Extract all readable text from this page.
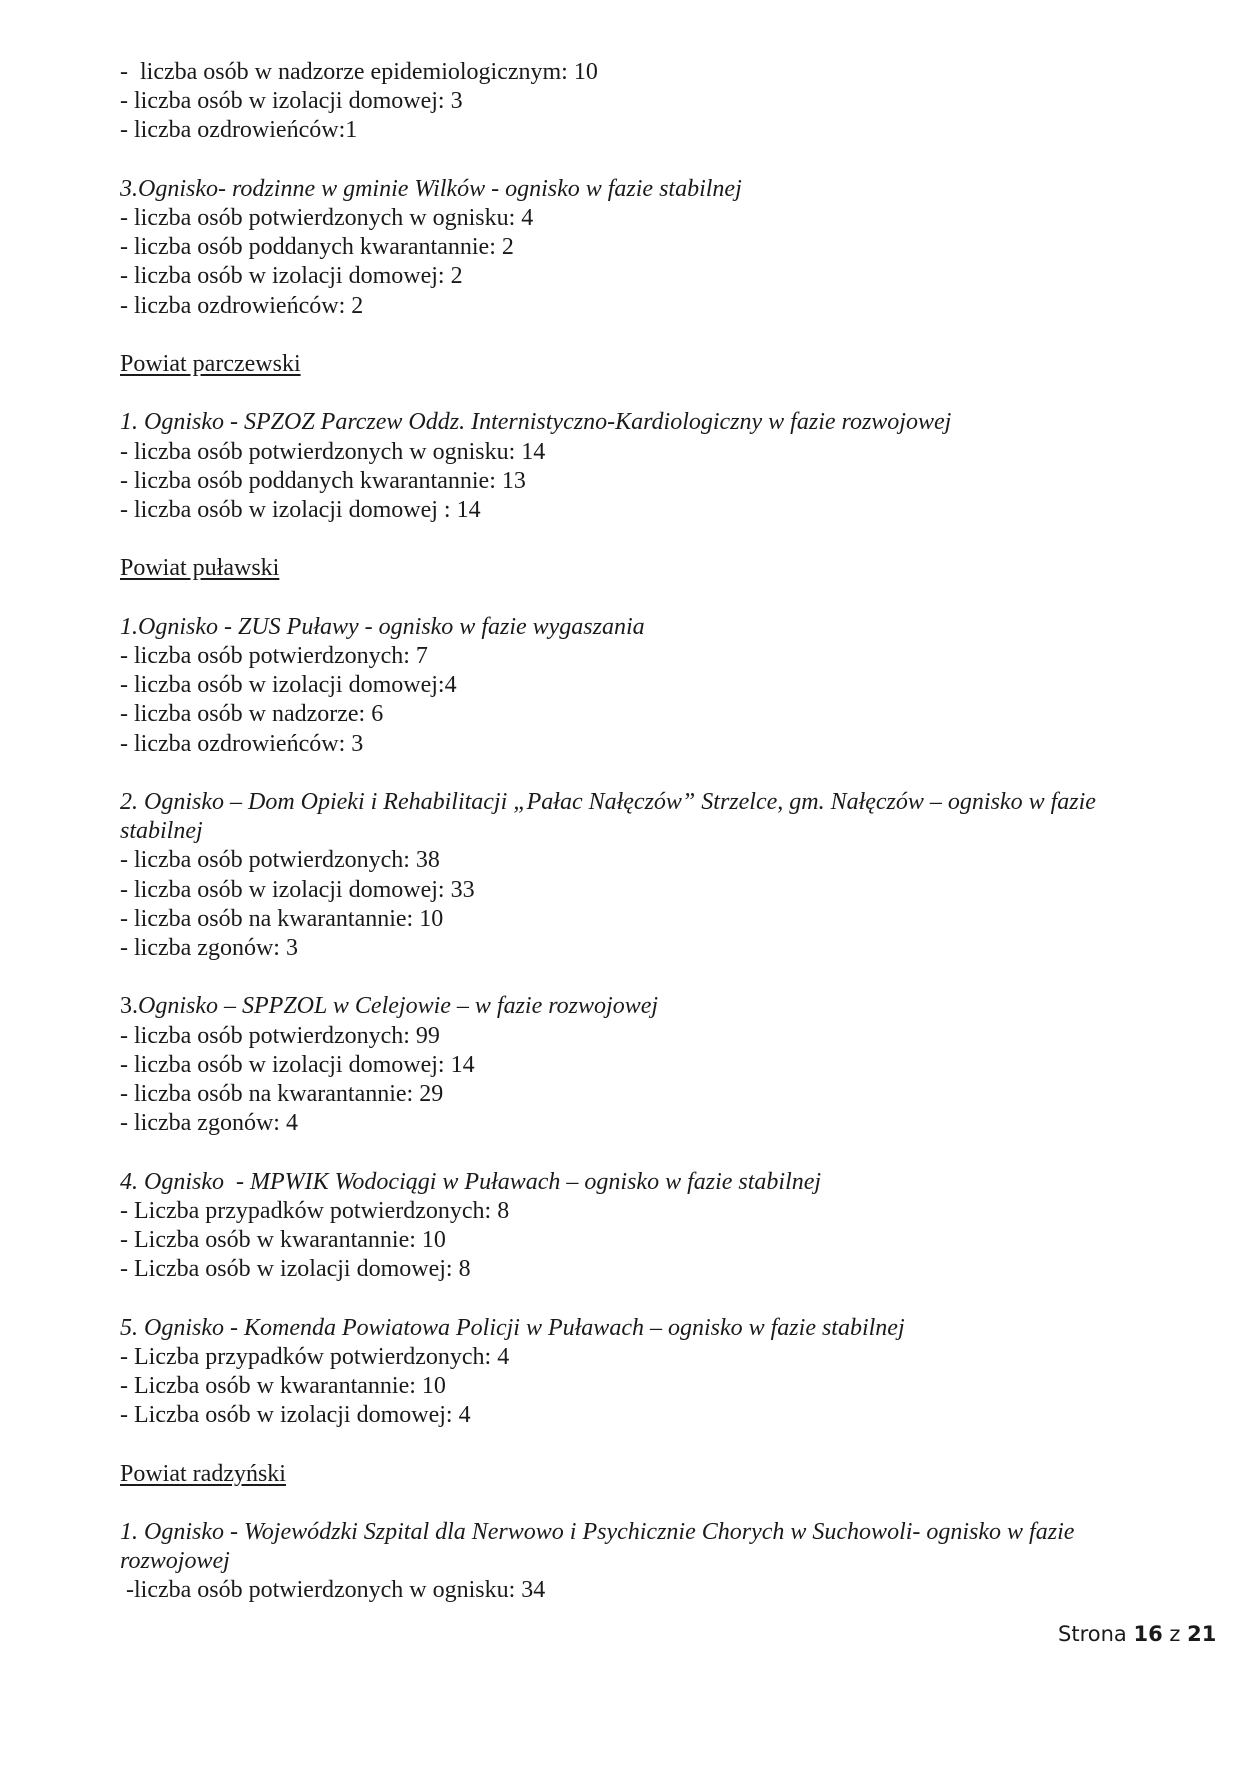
-  liczba osób w nadzorze epidemiologicznym: 10
- liczba osób w izolacji domowej: 3
- liczba ozdrowieńców:1
3.Ognisko- rodzinne w gminie Wilków - ognisko w fazie stabilnej
- liczba osób potwierdzonych w ognisku: 4
- liczba osób poddanych kwarantannie: 2
- liczba osób w izolacji domowej: 2
- liczba ozdrowieńców: 2
Powiat parczewski
1. Ognisko - SPZOZ Parczew Oddz. Internistyczno-Kardiologiczny w fazie rozwojowej
- liczba osób potwierdzonych w ognisku: 14
- liczba osób poddanych kwarantannie: 13
- liczba osób w izolacji domowej : 14
Powiat puławski
1.Ognisko - ZUS Puławy - ognisko w fazie wygaszania
- liczba osób potwierdzonych: 7
- liczba osób w izolacji domowej:4
- liczba osób w nadzorze: 6
- liczba ozdrowieńców: 3
2. Ognisko – Dom Opieki i Rehabilitacji „Pałac Nałęczów” Strzelce, gm. Nałęczów – ognisko w fazie stabilnej
- liczba osób potwierdzonych: 38
- liczba osób w izolacji domowej: 33
- liczba osób na kwarantannie: 10
- liczba zgonów: 3
3.Ognisko – SPPZOL w Celejowie – w fazie rozwojowej
- liczba osób potwierdzonych: 99
- liczba osób w izolacji domowej: 14
- liczba osób na kwarantannie: 29
- liczba zgonów: 4
4. Ognisko  - MPWIK Wodociągi w Puławach – ognisko w fazie stabilnej
- Liczba przypadków potwierdzonych: 8
- Liczba osób w kwarantannie: 10
- Liczba osób w izolacji domowej: 8
5. Ognisko - Komenda Powiatowa Policji w Puławach – ognisko w fazie stabilnej
- Liczba przypadków potwierdzonych: 4
- Liczba osób w kwarantannie: 10
- Liczba osób w izolacji domowej: 4
Powiat radzyński
1. Ognisko - Wojewódzki Szpital dla Nerwowo i Psychicznie Chorych w Suchowoli- ognisko w fazie rozwojowej
-liczba osób potwierdzonych w ognisku: 34
Strona 16 z 21
